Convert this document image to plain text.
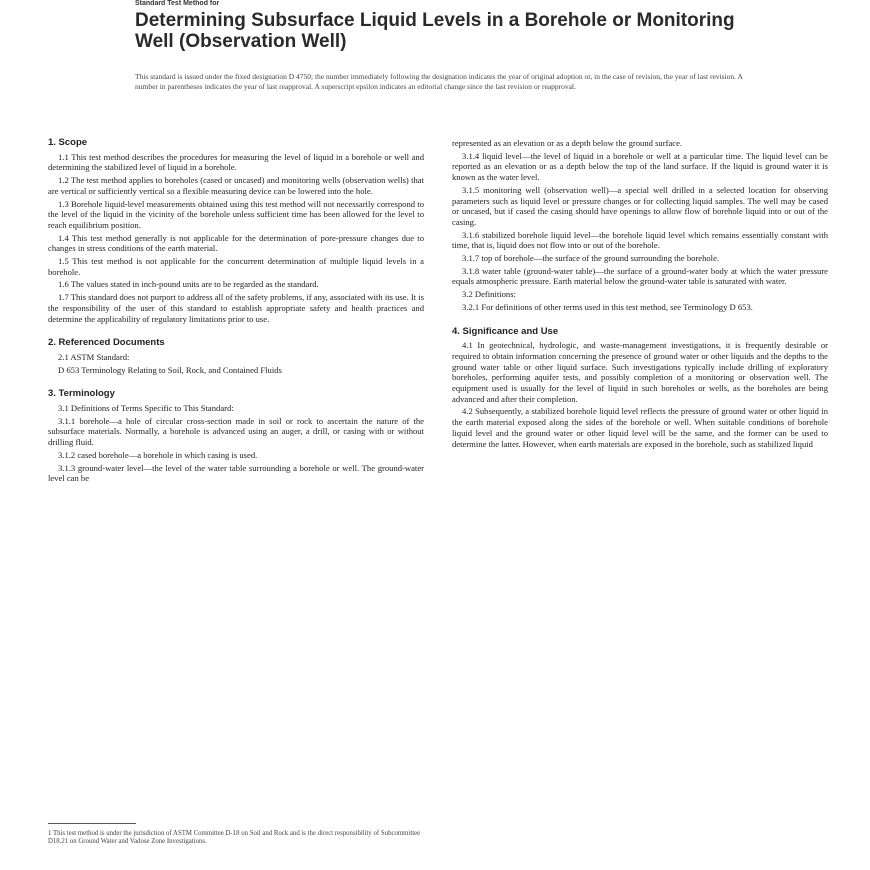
Standard Test Method for
Determining Subsurface Liquid Levels in a Borehole or Monitoring Well (Observation Well)
This standard is issued under the fixed designation D 4750; the number immediately following the designation indicates the year of original adoption or, in the case of revision, the year of last revision. A number in parentheses indicates the year of last reapproval. A superscript epsilon indicates an editorial change since the last revision or reapproval.
1. Scope
1.1 This test method describes the procedures for measuring the level of liquid in a borehole or well and determining the stabilized level of liquid in a borehole.
1.2 The test method applies to boreholes (cased or uncased) and monitoring wells (observation wells) that are vertical or sufficiently vertical so a flexible measuring device can be lowered into the hole.
1.3 Borehole liquid-level measurements obtained using this test method will not necessarily correspond to the level of the liquid in the vicinity of the borehole unless sufficient time has been allowed for the level to reach equilibrium position.
1.4 This test method generally is not applicable for the determination of pore-pressure changes due to changes in stress conditions of the earth material.
1.5 This test method is not applicable for the concurrent determination of multiple liquid levels in a borehole.
1.6 The values stated in inch-pound units are to be regarded as the standard.
1.7 This standard does not purport to address all of the safety problems, if any, associated with its use. It is the responsibility of the user of this standard to establish appropriate safety and health practices and determine the applicability of regulatory limitations prior to use.
2. Referenced Documents
2.1 ASTM Standard:
D 653 Terminology Relating to Soil, Rock, and Contained Fluids
3. Terminology
3.1 Definitions of Terms Specific to This Standard:
3.1.1 borehole—a hole of circular cross-section made in soil or rock to ascertain the nature of the subsurface materials. Normally, a borehole is advanced using an auger, a drill, or casing with or without drilling fluid.
3.1.2 cased borehole—a borehole in which casing is used.
3.1.3 ground-water level—the level of the water table surrounding a borehole or well. The ground-water level can be
represented as an elevation or as a depth below the ground surface.
3.1.4 liquid level—the level of liquid in a borehole or well at a particular time. The liquid level can be reported as an elevation or as a depth below the top of the land surface. If the liquid is ground water it is known as the water level.
3.1.5 monitoring well (observation well)—a special well drilled in a selected location for observing parameters such as liquid level or pressure changes or for collecting liquid samples. The well may be cased or uncased, but if cased the casing should have openings to allow flow of borehole liquid into or out of the casing.
3.1.6 stabilized borehole liquid level—the borehole liquid level which remains essentially constant with time, that is, liquid does not flow into or out of the borehole.
3.1.7 top of borehole—the surface of the ground surrounding the borehole.
3.1.8 water table (ground-water table)—the surface of a ground-water body at which the water pressure equals atmospheric pressure. Earth material below the ground-water table is saturated with water.
3.2 Definitions:
3.2.1 For definitions of other terms used in this test method, see Terminology D 653.
4. Significance and Use
4.1 In geotechnical, hydrologic, and waste-management investigations, it is frequently desirable or required to obtain information concerning the presence of ground water or other liquids and the depths to the ground water table or other liquid surface. Such investigations typically include drilling of exploratory boreholes, performing aquifer tests, and possibly completion of a monitoring or observation well. The equipment used is usually for the level of liquid in such boreholes or wells, as the boreholes are being advanced and after their completion.
4.2 Subsequently, a stabilized borehole liquid level reflects the pressure of ground water or other liquid in the earth material exposed along the sides of the borehole or well. When suitable conditions of borehole liquid level and the ground water or other liquid level will be the same, and the former can be used to determine the latter. However, when earth materials are exposed in the borehole, such as stabilized liquid
1 This test method is under the jurisdiction of ASTM Committee D-18 on Soil and Rock and is the direct responsibility of Subcommittee D18.21 on Ground Water and Vadose Zone Investigations.
